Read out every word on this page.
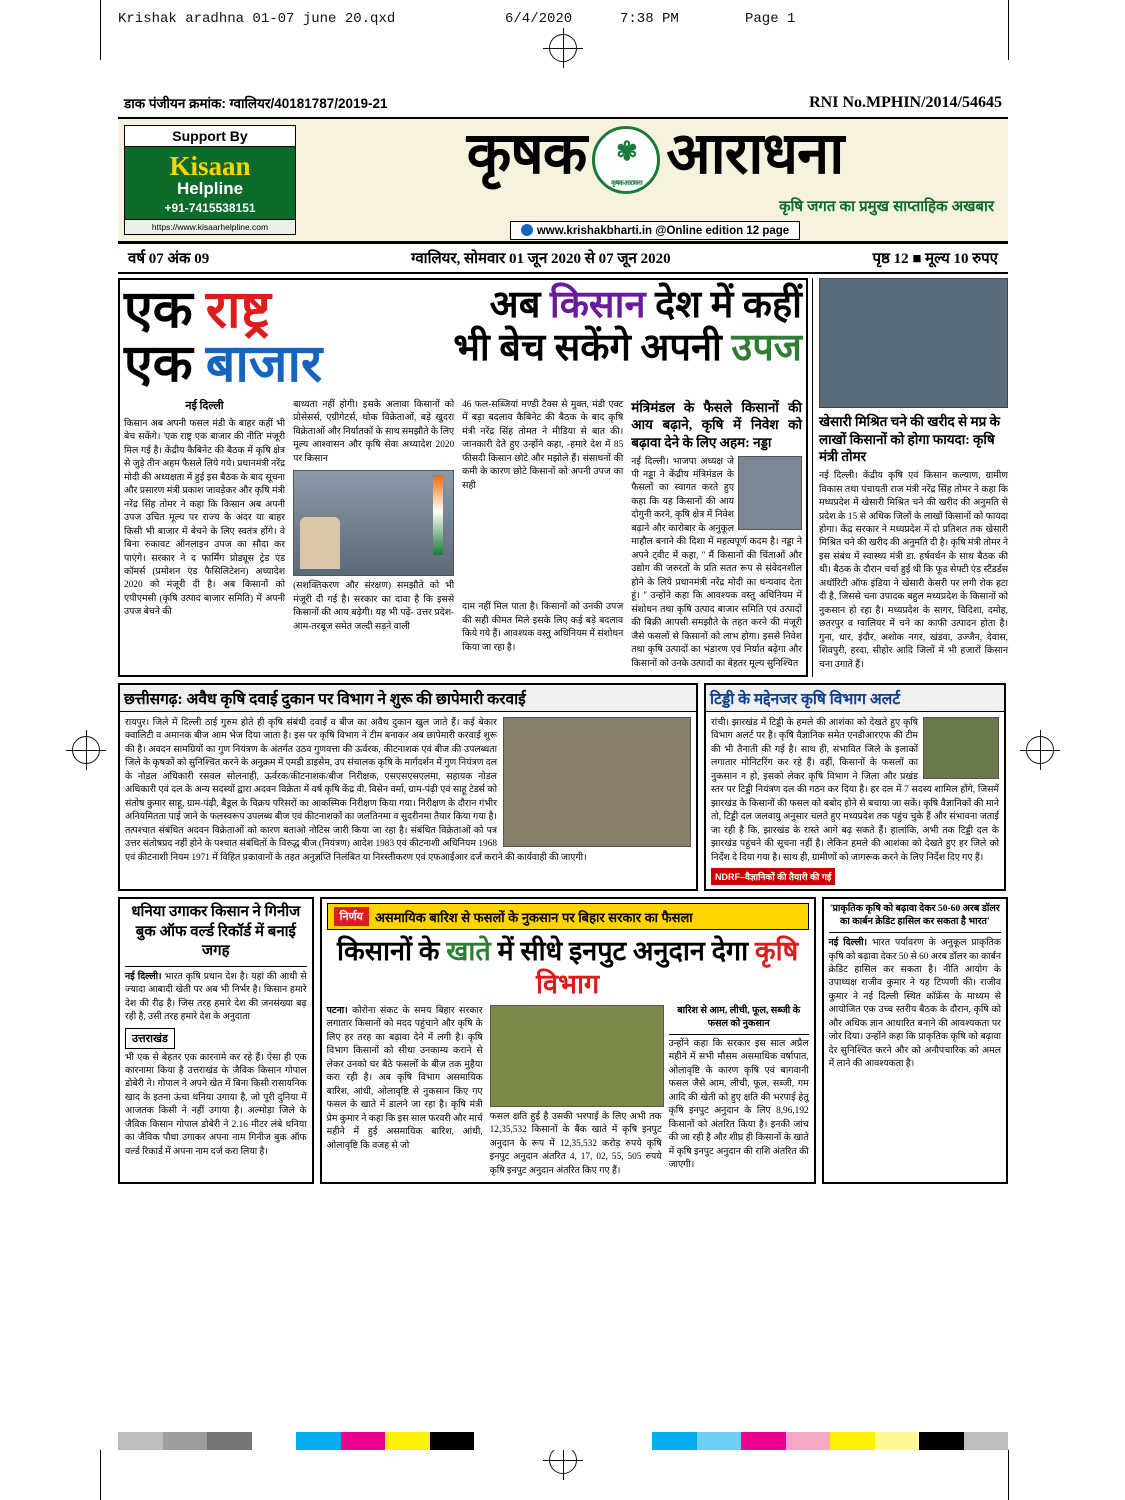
Krishak aradhna 01-07 june 20.qxd	6/4/2020	7:38 PM	Page 1
डाक पंजीयन क्रमांक: ग्वालियर/40181787/2019-21	RNI No.MPHIN/2014/54645
Support By
Kisaan
Helpline
+91-7415538151
https://www.kisaarhelpline.com
कृषक	✾
कृषक आराधना आराधना
कृषि जगत का प्रमुख साप्ताहिक अखबार
www.krishakbharti.in @Online edition 12 page
वर्ष 07 अंक 09	ग्वालियर, सोमवार 01 जून 2020 से 07 जून 2020	पृष्ठ 12 ■ मूल्य 10 रुपए
एक राष्ट्र
एक बाजार
अब किसान देश में कहीं
भी बेच सकेंगे अपनी उपज
नई दिल्ली
किसान अब अपनी फसल मंडी के बाहर कहीं भी बेच सकेंगे। 'एक राष्ट्र एक बाजार की नीति' मंजूरी मिल गई है। केंद्रीय कैबिनेट की बैठक में कृषि क्षेत्र से जुड़े तीन अहम फैसले लिये गये। प्रधानमंत्री नरेंद्र मोदी की अध्यक्षता में हुई इस बैठक के बाद सूचना और प्रसारण मंत्री प्रकाश जावड़ेकर और कृषि मंत्री नरेंद्र सिंह तोमर ने कहा कि किसान अब अपनी उपज उचित मूल्य पर राज्य के अंदर या बाहर किसी भी बाजार में बेचने के लिए स्वतंत्र होंगे। वे बिना रुकावट ऑनलाइन उपज का सौदा कर पाएंगे। सरकार ने द फार्मिंग प्रोड्यूस ट्रेड एंड कॉमर्स (प्रमोशन एंड फैसिलिटेशन) अध्यादेश 2020 को मंजूरी दी है। अब किसानों को एपीएमसी (कृषि उत्पाद बाजार समिति) में अपनी उपज बेचने की
बाध्यता नहीं होगी। इसके अलावा किसानों को प्रोसेसर्स, एग्रीगेटर्स, थोक विक्रेताओं, बड़े खुदरा विक्रेताओं और निर्यातकों के साथ समझौते के लिए मूल्य आश्वासन और कृषि सेवा अध्यादेश 2020 पर किसान
(सशक्तिकरण और संरक्षण) समझौते को भी मंजूरी दी गई है। सरकार का दावा है कि इससे किसानों की आय बढ़ेगी। यह भी पढ़ें- उत्तर प्रदेश- आम-तरबूज समेत जल्दी सड़ने वाली
46 फल-सब्जियां मण्डी टैक्स से मुक्त, मंडी एक्ट में बड़ा बदलाव कैबिनेट की बैठक के बाद कृषि मंत्री नरेंद्र सिंह तोमत ने मीडिया से बात की। जानकारी देते हुए उन्होंने कहा, -हमारे देश में 85 फीसदी किसान छोटे और मझोले हैं। संसाधनों की कमी के कारण छोटे किसानों को अपनी उपज का सही
दाम नहीं मिल पाता है। किसानों को उनकी उपज की सही कीमत मिले इसके लिए कई बड़े बदलाव किये गये हैं। आवश्यक वस्तु अधिनियम में संशोधन किया जा रहा है।
मंत्रिमंडल के फैसले किसानों की आय बढ़ाने, कृषि में निवेश को बढ़ावा देने के लिए अहम: नड्डा
नई दिल्ली। भाजपा अध्यक्ष जे पी नड्डा ने केंद्रीय मंत्रिमंडल के फैसलों का स्वागत करते हुए कहा कि यह किसानों की आय दोगुनी करने, कृषि क्षेत्र में निवेश बढ़ाने और कारोबार के अनुकूल माहौल बनाने की दिशा में महत्वपूर्ण कदम है। नड्डा ने अपने ट्वीट में कहा, '' मैं किसानों की चिंताओं और उद्योग की जरुरतों के प्रति सतत रूप से संवेदनशील होने के लिये प्रधानमंत्री नरेंद्र मोदी का धन्यवाद देता हूं। '' उन्होंने कहा कि आवश्यक वस्तु अधिनियम में संशोधन तथा कृषि उत्पाद बाजार समिति एवं उत्पादों की बिक्री आपसी समझौते के तहत करने की मंजूरी जैसे फसलों से किसानों को लाभ होगा। इससे निवेश तथा कृषि उत्पादों का भंडारण एवं निर्यात बढ़ेगा और किसानों को उनके उत्पादों का बेहतर मूल्य सुनिश्चित
खेसारी मिश्रित चने की खरीद से मप्र के लाखों किसानों को होगा फायदा: कृषि मंत्री तोमर
नई दिल्ली। केंद्रीय कृषि एवं किसान कल्याण, ग्रामीण विकास तथा पंचायती राज मंत्री नरेंद्र सिंह तोमर ने कहा कि मध्यप्रदेश में खेसारी मिश्रित चने की खरीद की अनुमति से प्रदेश के 15 से अधिक जिलों के लाखों किसानों को फायदा होगा। केंद्र सरकार ने मध्यप्रदेश में दो प्रतिशत तक खेसारी मिश्रित चने की खरीद की अनुमति दी है। कृषि मंत्री तोमर ने इस संबंध में स्वास्थ्य मंत्री डा. हर्षवर्धन के साथ बैठक की थी। बैठक के दौरान चर्चा हुई थी कि फूड सेफ्टी एंड स्टैंडर्डस अथॉरिटी ऑफ इंडिया ने खेसारी केसरी पर लगी रोक हटा दी है, जिससे चना उपादक बहुल मध्यप्रदेश के किसानों को नुकसान हो रहा है। मध्यप्रदेश के सागर, विदिशा, दमोह, छतरपुर व ग्वालियर में चने का काफी उत्पादन होता है। गुना, धार, इंदौर, अशोक नगर, खंडवा, उज्जैन, देवास, शिवपुरी, हरदा, सीहोर आदि जिलों में भी हजारों किसान चना उगाते हैं।
छत्तीसगढ़: अवैध कृषि दवाई दुकान पर विभाग ने शुरू की छापेमारी करवाई
रायपुर। जिले में दिल्ली ठाई गुरुम होते ही कृषि संबंधी दवाई व बीज का अवैध दुकान खुल जाते हैं। कई बेकार क्वालिटी व अमानक बीज आम भेज दिया जाता है। इस पर कृषि विभाग ने टीम बनाकर अब छापेमारी करवाई शुरू की है। अवदन सामग्रियों का गुण नियंत्रण के अंतर्गत उठव गुणवत्ता की ऊर्वरक, कीटनाशक एवं बीज की उपलब्धता जिले के कृषकों को सुनिश्चित करने के अनुक्रम में एमडी डाइसेम, उप संचालक कृषि के मार्गदर्शन में गुण नियंत्रण दल के नोडल अधिकारी रसवल सोलनाही, ऊर्वरक/कीटनाशक/बीज निरीक्षक, एसएसएसएलमा, सहायक नोडल अधिकारी एवं दल के अन्य सदस्यों द्वारा अदवन विक्रेता में वर्ष कृषि केंद्र वी. विसेन वर्मा, ग्राम-पंढ़ी एवं साहू टेडर्स को संतोष कुमार साहू, ग्राम-पंढ़ी, बैडूल के विक्रय परिसरों का आकस्मिक निरीक्षण किया गया। निरीक्षण के दौरान गंभीर अनियमितता पाई जाने के फलस्वरूप उपलब्ध बीज एवं कीटनाशकों का जलतिनमा व सुदरीनमा तैयार किया गया है। तत्पश्चात संबंधित अदवन विक्रेताओं को कारण बताओ नोटिस जारी किया जा रहा है। संबंधित विक्रेताओं को पत्र उत्तर संतोषप्रद नहीं होने के पश्चात संबंधितों के विरुद्ध बीज (नियंत्रण) आदेश 1983 एवं कीटनाशी अधिनियम 1968 एवं कीटनाशी नियम 1971 में विहित प्रकावानों के तहत अनुज्ञप्ति निलंबित या निरस्तीकरण एवं एफआईआर दर्ज कराने की कार्यवाही की जाएगी।
टिड्डी के मद्देनजर कृषि विभाग अलर्ट
रांची। झारखंड में टिड्डी के हमले की आशंका को देखते हुए कृषि विभाग अलर्ट पर है। कृषि वैज्ञानिक समेत एनडीआरएफ की टीम की भी तैनाती की गई है। साथ ही, संभावित जिले के इलाकों लगातार मोनिटरिंग कर रहे हैं। वहीं, किसानों के फसलों का नुकसान न हो, इसको लेकर कृषि विभाग ने जिला और प्रखंड स्तर पर टिड्डी नियंत्रण दल की गठन कर दिया है। हर दल में 7 सदस्य शामिल होंगे, जिसमें झारखंड के किसानों की फसल को बबोद होने से बचाया जा सकें। कृषि वैज्ञानिकों की माने तो, टिड्डी दल जलवायु अनुसार चलते हुए मध्यप्रदेश तक पहुंच चुके हैं और संभावना जताई जा रही है कि, झारखंड के रास्ते आगे बढ़ सकते हैं। हालांकि, अभी तक टिड्डी दल के झारखंड पहुंचने की सूचना नहीं है। लेकिन हमले की आशंका को देखते हुए हर जिले को निर्देश दे दिया गया है। साथ ही, ग्रामीणों को जागरूक करने के लिए निर्देश दिए गए हैं।
NDRF–वैज्ञानिकों की तैयारी की गई
धनिया उगाकर किसान ने गिनीज बुक ऑफ वर्ल्ड रिकॉर्ड में बनाई जगह
नई दिल्ली। भारत कृषि प्रधान देश है। यहां की आधी से ज्यादा आबादी खेती पर अब भी निर्भर है। किसान हमारे देश की रीढ़ है। जिस तरह हमारे देश की जनसंख्या बढ़ रही है, उसी तरह हमारे देश के अनुदाता
उत्तराखंड
भी एक से बेहतर एक कारनामे कर रहे हैं। ऐसा ही एक कारनामा किया है उत्तराखंड के जैविक किसान गोपाल डोबेरी ने। गोपाल ने अपने खेत में बिना किसी रासायनिक खाद के इतना ऊंचा धनिया उगाया है, जो पूरी दुनिया में आजतक किसी ने नहीं उगाया है। अल्मोड़ा जिले के जैविक किसान गोपाल डोबेरी ने 2.16 मीटर लंबे धनिया का जैविक पौधा उगाकर अपना नाम गिनीज बुक ऑफ वर्ल्ड रिकार्ड में अपना नाम दर्ज करा लिया है।
निर्णय असमायिक बारिश से फसलों के नुकसान पर बिहार सरकार का फैसला
किसानों के खाते में सीधे इनपुट अनुदान देगा कृषि विभाग
पटना। कोरोना संकट के समय बिहार सरकार लगातार किसानों को मदद पहुंचाने और कृषि के लिए हर तरह का बढ़ावा देने में लगी है। कृषि विभाग किसानों को सीधा उनकाम्य कराने से लेकर उनको घर बैठे फसलों के बीज तक मुहैया करा रही है। अब कृषि विभाग असमायिक बारिश, आंधी, ओलावृष्टि से नुकसान किए गए फसल के खाते में डालने जा रहा है। कृषि मंत्री प्रेम कुमार ने कहा कि इस साल फरवरी और मार्च महीने में हुई असमायिक बारिश, आंधी, ओलावृष्टि कि वजह से जो
फसल क्षति हुई है उसकी भरपाई के लिए अभी तक 12,35,532 किसानों के बैंक खाते में कृषि इनपुट अनुदान के रूप में 12,35,532 करोड़ रुपये कृषि इनपुट अनुदान अंतरित 4, 17, 02, 55, 505 रुपये कृषि इनपुट अनुदान अंतरित किए गए हैं।
बारिश से आम, लीची, फूल, सब्जी के फसल को नुकसान
उन्होंने कहा कि सरकार इस साल अप्रैल महीने में सभी मौसम असमाधिक वर्षापात, ओलावृष्टि के कारण कृषि एवं बागवानी फसल जैसे आम, लीची, फूल, सब्जी, गम आदि की खेती को हुए क्षति की भरपाई हेतु कृषि इनपुट अनुदान के लिए 8,96,192 किसानों को अंतरित किया है। इनकी जांच की जा रही है और शीघ्र ही किसानों के खाते में कृषि इनपुट अनुदान की राशि अंतरित की जाएगी।
'प्राकृतिक कृषि को बढ़ावा देकर 50-60 अरब डॉलर का कार्बन क्रेडिट हासिल कर सकता है भारत'
नई दिल्ली। भारत पर्यावरण के अनुकूल प्राकृतिक कृषि को बढ़ावा देकर 50 से 60 अरब डॉलर का कार्बन क्रेडिट हासिल कर सकता है। नीति आयोग के उपाध्यक्ष राजीव कुमार ने यह टिप्पणी की। राजीव कुमार ने नई दिल्ली स्थित कॉफ्रेंस के माध्यम से आयोजित एक उच्च स्तरीय बैठक के दौरान, कृषि को और अधिक ज्ञान आधारित बनाने की आवश्यकता पर जोर दिया। उन्होंने कहा कि प्राकृतिक कृषि को बढ़ावा देर सुनिश्चित करने और को अनौपचारिक को अमल में लाने की आवश्यकता है।
